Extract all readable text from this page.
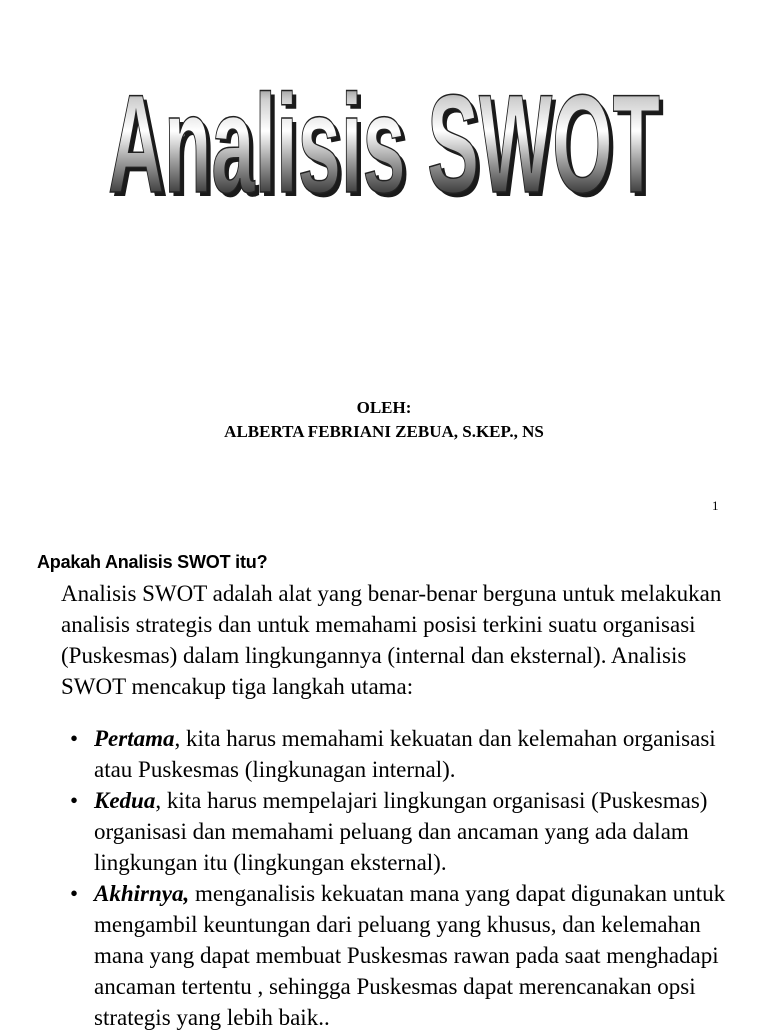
Analisis SWOT
Analisis SWOT
OLEH:
ALBERTA FEBRIANI ZEBUA, S.KEP., NS
1
Apakah Analisis SWOT itu?

Analisis SWOT adalah alat yang benar-benar berguna untuk melakukan analisis strategis dan untuk memahami posisi terkini suatu organisasi (Puskesmas) dalam lingkungannya (internal dan eksternal). Analisis SWOT mencakup tiga langkah utama:

• Pertama, kita harus memahami kekuatan dan kelemahan organisasi atau Puskesmas (lingkunagan internal).
• Kedua, kita harus mempelajari lingkungan organisasi (Puskesmas) organisasi dan memahami peluang dan ancaman yang ada dalam lingkungan itu (lingkungan eksternal).
• Akhirnya, menganalisis kekuatan mana yang dapat digunakan untuk mengambil keuntungan dari peluang yang khusus, dan kelemahan mana yang dapat membuat Puskesmas rawan pada saat menghadapi ancaman tertentu , sehingga Puskesmas dapat merencanakan opsi strategis yang lebih baik..
